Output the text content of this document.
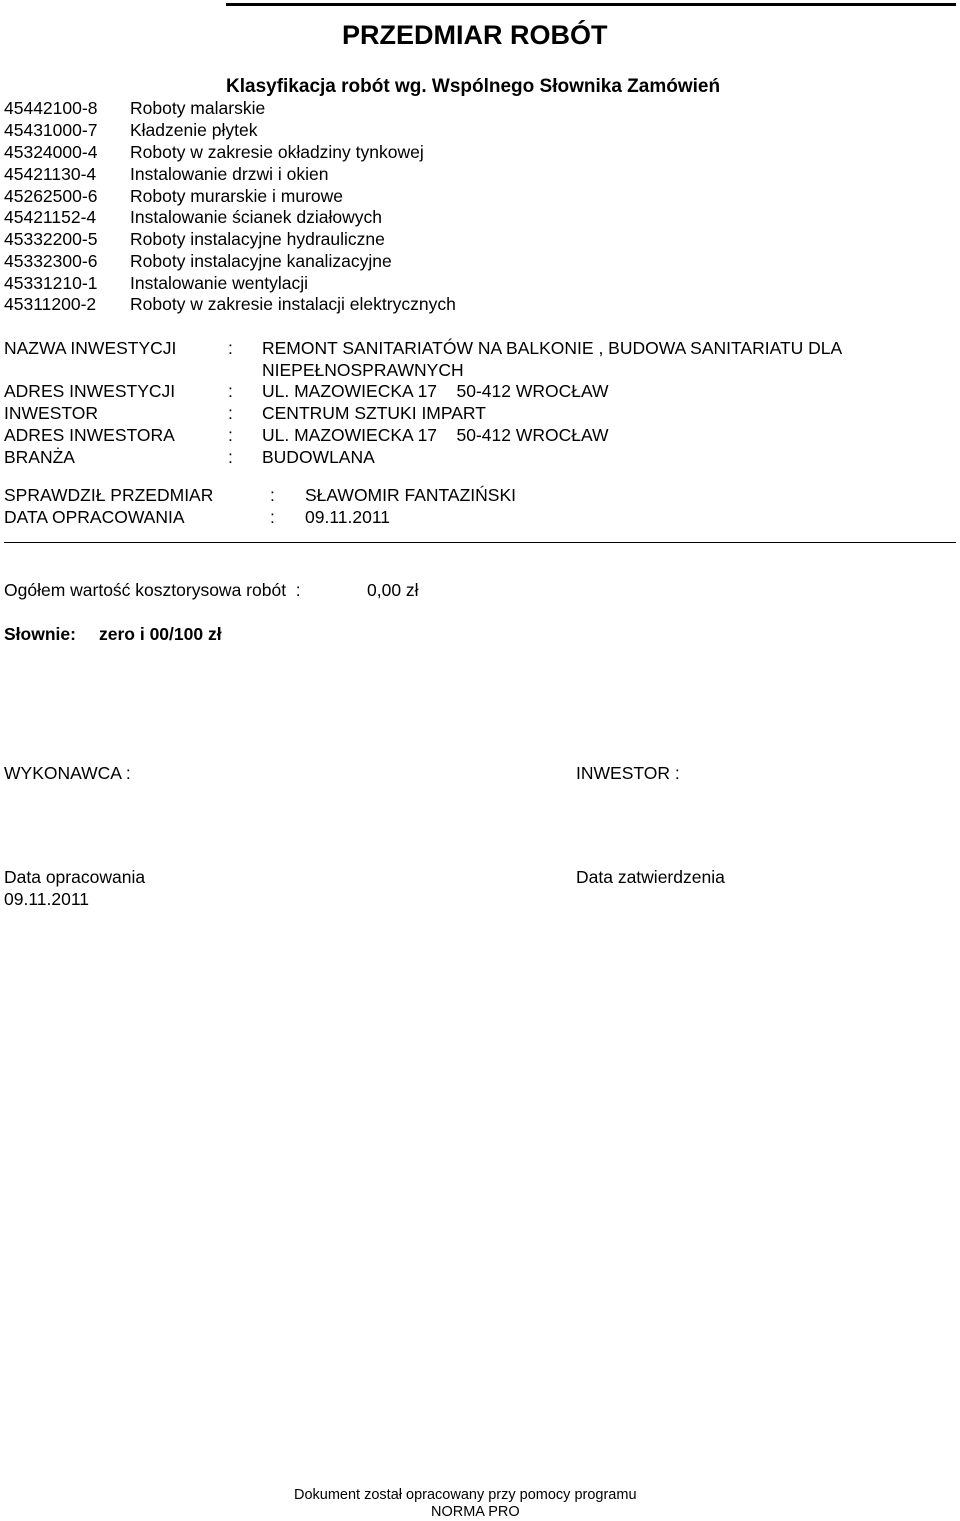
PRZEDMIAR ROBÓT
Klasyfikacja robót wg. Wspólnego Słownika Zamówień
45442100-8 Roboty malarskie
45431000-7 Kładzenie płytek
45324000-4 Roboty w zakresie okładziny tynkowej
45421130-4 Instalowanie drzwi i okien
45262500-6 Roboty murarskie i murowe
45421152-4 Instalowanie ścianek działowych
45332200-5 Roboty instalacyjne hydrauliczne
45332300-6 Roboty instalacyjne kanalizacyjne
45331210-1 Instalowanie wentylacji
45311200-2 Roboty w zakresie instalacji elektrycznych
NAZWA INWESTYCJI	: REMONT SANITARIATÓW NA BALKONIE , BUDOWA SANITARIATU DLA
NIEPEŁNOSPRAWNYCH
ADRES INWESTYCJI	: UL. MAZOWIECKA 17    50-412 WROCŁAW
INWESTOR	: CENTRUM SZTUKI IMPART
ADRES INWESTORA	: UL. MAZOWIECKA 17    50-412 WROCŁAW
BRANŻA	: BUDOWLANA
SPRAWDZIŁ PRZEDMIAR	: SŁAWOMIR FANTAZIŃSKI
DATA OPRACOWANIA	: 09.11.2011
Ogółem wartość kosztorysowa robót  :	0,00 zł
Słownie: zero i 00/100 zł
WYKONAWCA :	INWESTOR :
Data opracowania
09.11.2011
Data zatwierdzenia
Dokument został opracowany przy pomocy programu
NORMA PRO
